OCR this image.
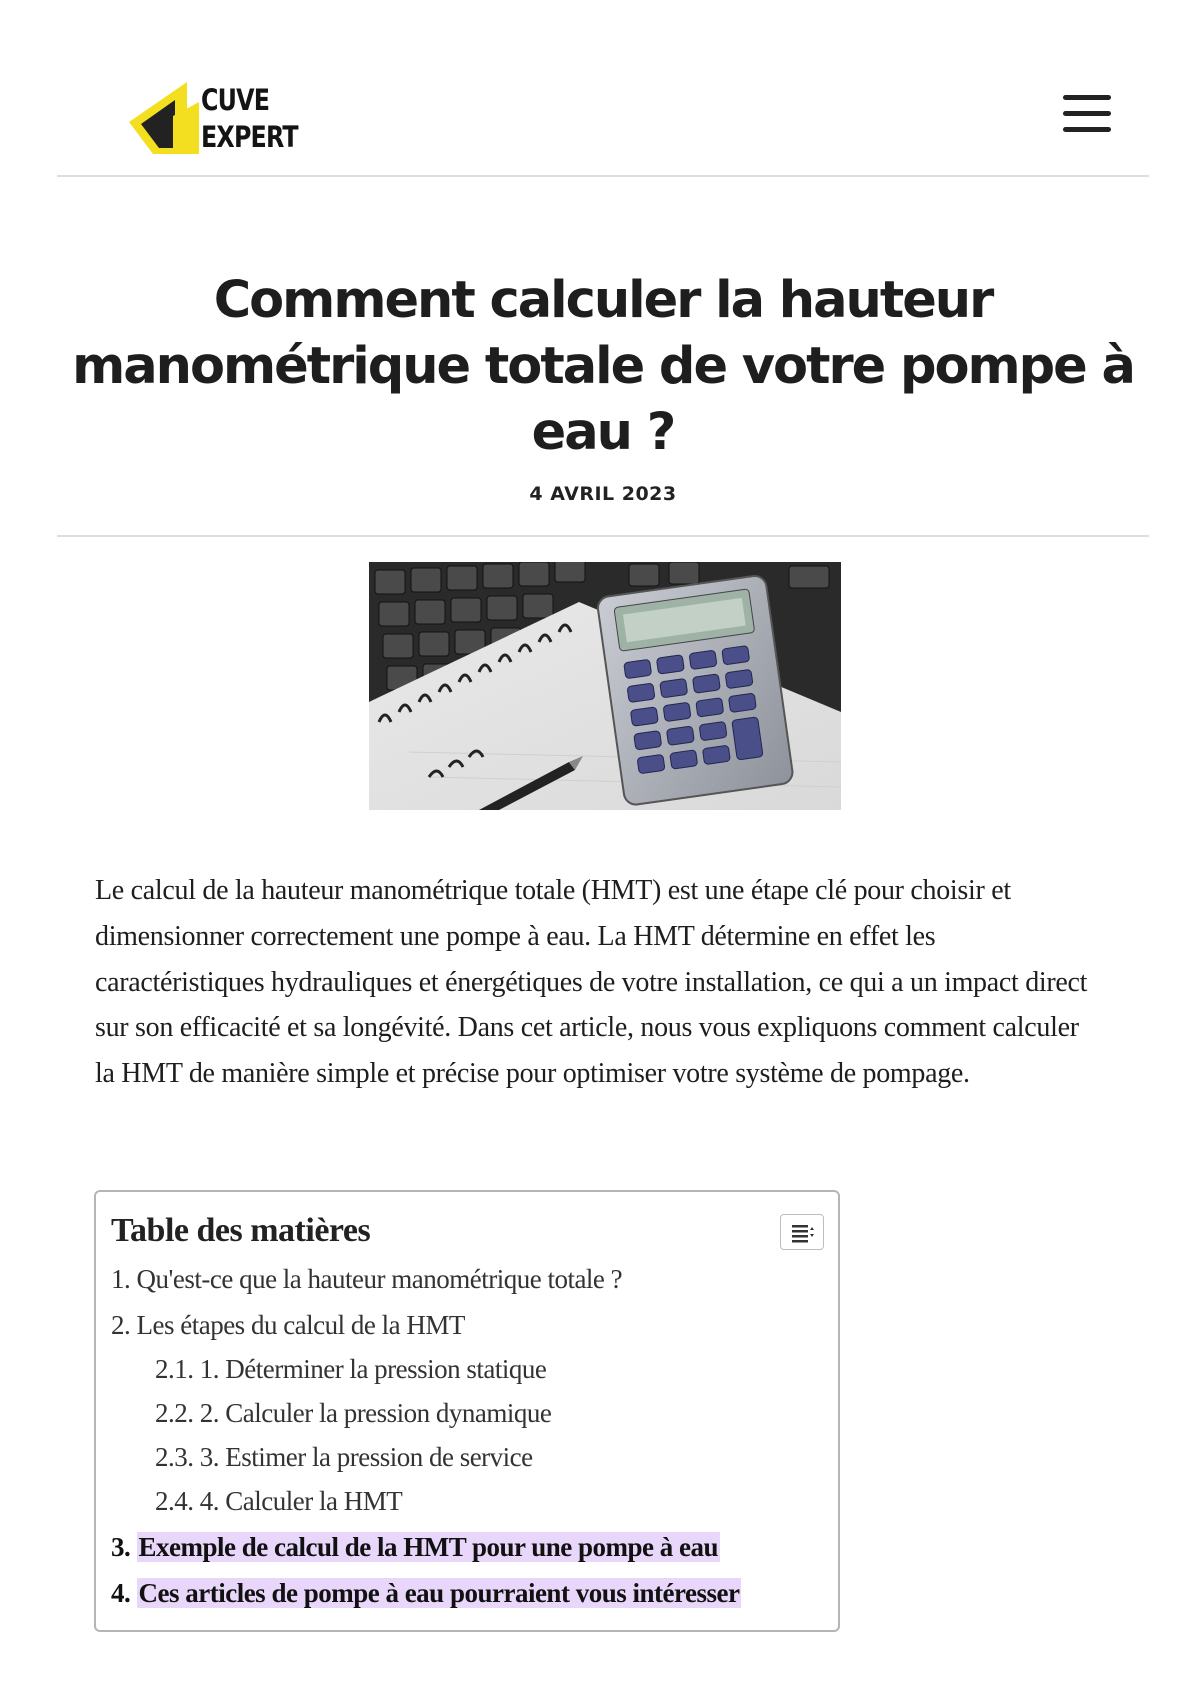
CUVE
EXPERT
Comment calculer la hauteur manométrique totale de votre pompe à eau ?
4 AVRIL 2023

Le calcul de la hauteur manométrique totale (HMT) est une étape clé pour choisir et dimensionner correctement une pompe à eau. La HMT détermine en effet les caractéristiques hydrauliques et énergétiques de votre installation, ce qui a un impact direct sur son efficacité et sa longévité. Dans cet article, nous vous expliquons comment calculer la HMT de manière simple et précise pour optimiser votre système de pompage.

Table des matières
1. Qu'est-ce que la hauteur manométrique totale ?
2. Les étapes du calcul de la HMT
2.1. 1. Déterminer la pression statique
2.2. 2. Calculer la pression dynamique
2.3. 3. Estimer la pression de service
2.4. 4. Calculer la HMT
3. Exemple de calcul de la HMT pour une pompe à eau
4. Ces articles de pompe à eau pourraient vous intéresser
